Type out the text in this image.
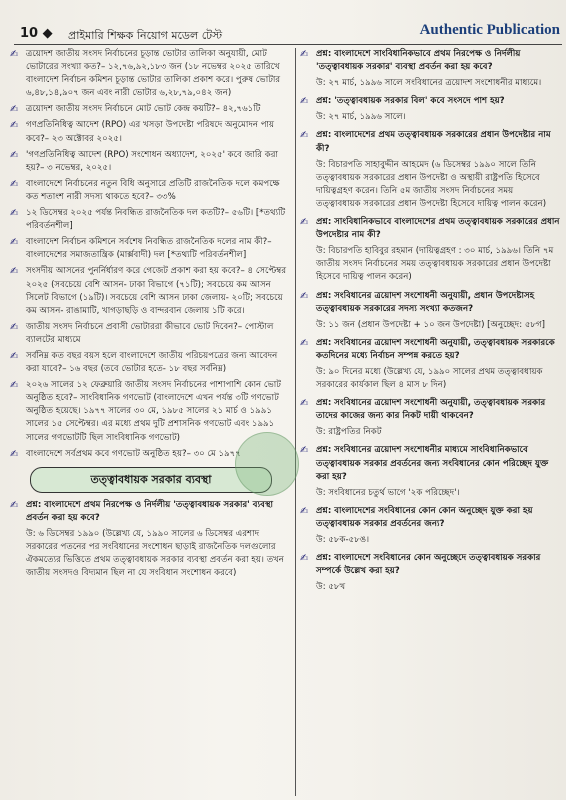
10 ◆ প্রাইমারি শিক্ষক নিয়োগ মডেল টেস্ট	Authentic Publication
✍ ত্রয়োদশ জাতীয় সংসদ নির্বাচনের চূড়ান্ত ভোটার তালিকা অনুযায়ী, মোট ভোটারের সংখ্যা কত?– ১২,৭৬,৯২,১৮৩ জন (১৮ নভেম্বর ২০২৫ তারিখে বাংলাদেশ নির্বাচন কমিশন চূড়ান্ত ভোটার তালিকা প্রকাশ করে। পুরুষ ভোটার ৬,৪৮,১৪,৯০৭ জন এবং নারী ভোটার ৬,২৮,৭৯,০৪২ জন)
✍ ত্রয়োদশ জাতীয় সংসদ নির্বাচনে মোট ভোট কেন্দ্র কয়টি?– ৪২,৭৬১টি
✍ গণপ্রতিনিধিত্ব আদেশ (RPO) এর খসড়া উপদেষ্টা পরিষদে অনুমোদন পায় কবে?– ২৩ অক্টোবর ২০২৫।
✍ 'গণপ্রতিনিধিত্ব আদেশ (RPO) সংশোধন অধ্যাদেশ, ২০২৫' কবে জারি করা হয়?– ৩ নভেম্বর, ২০২৫।
✍ বাংলাদেশে নির্বাচনের নতুন বিধি অনুসারে প্রতিটি রাজনৈতিক দলে কমপক্ষে কত শতাংশ নারী সদস্য থাকতে হবে?– ৩৩%
✍ ১২ ডিসেম্বর ২০২৫ পর্যন্ত নিবন্ধিত রাজনৈতিক দল কতটি?– ৫৬টি। [*তথ্যটি পরিবর্তনশীল]
✍ বাংলাদেশ নির্বাচন কমিশনে সর্বশেষ নিবন্ধিত রাজনৈতিক দলের নাম কী?– বাংলাদেশের সমাজতান্ত্রিক (মার্ক্সবাদী) দল [*তথ্যটি পরিবর্তনশীল]
✍ সংসদীয় আসনের পুনর্নির্ধারণ করে গেজেট প্রকাশ করা হয় কবে?– ৪ সেপ্টেম্বর ২০২৫ (সবচেয়ে বেশি আসন- ঢাকা বিভাগে (৭১টি); সবচেয়ে কম আসন সিলেট বিভাগে (১৯টি)। সবচেয়ে বেশি আসন ঢাকা জেলায়- ২০টি; সবচেয়ে কম আসন- রাঙামাটি, খাগড়াছড়ি ও বান্দরবান জেলায় ১টি করে।
✍ জাতীয় সংসদ নির্বাচনে প্রবাসী ভোটাররা কীভাবে ভোট দিবেন?– পোস্টাল ব্যালটের মাধ্যমে
✍ সর্বনিম্ন কত বছর বয়স হলে বাংলাদেশে জাতীয় পরিচয়পত্রের জন্য আবেদন করা যাবে?– ১৬ বছর (তবে ভোটার হতে- ১৮ বছর সর্বনিম্ন)
✍ ২০২৬ সালের ১২ ফেব্রুয়ারি জাতীয় সংসদ নির্বাচনের পাশাপাশি কোন ভোট অনুষ্ঠিত হবে?– সাংবিধানিক গণভোট (বাংলাদেশে এখন পর্যন্ত ৩টি গণভোট অনুষ্ঠিত হয়েছে। ১৯৭৭ সালের ৩০ মে, ১৯৮৫ সালের ২১ মার্চ ও ১৯৯১ সালের ১৫ সেপ্টেম্বর। এর মধ্যে প্রথম দুটি প্রশাসনিক গণভোট এবং ১৯৯১ সালের গণভোটটি ছিল সাংবিধানিক গণভোট)
✍ বাংলাদেশে সর্বপ্রথম কবে গণভোট অনুষ্ঠিত হয়?– ৩০ মে ১৯৭৭
তত্ত্বাবধায়ক সরকার ব্যবস্থা
✍ প্রশ্ন: বাংলাদেশে প্রথম নিরপেক্ষ ও নির্দলীয় 'তত্ত্বাবধায়ক সরকার' ব্যবস্থা প্রবর্তন করা হয় কবে?
উ: ৬ ডিসেম্বর ১৯৯০ (উল্লেখ্য যে, ১৯৯০ সালের ৬ ডিসেম্বর এরশাদ সরকারের পতনের পর সংবিধানের সংশোধন ছাড়াই রাজনৈতিক দলগুলোর ঐকমত্যের ভিত্তিতে প্রথম তত্ত্বাবধায়ক সরকার ব্যবস্থা প্রবর্তন করা হয়। তখন জাতীয় সংসদও বিদ্যমান ছিল না যে সংবিধান সংশোধন করবে)
✍ প্রশ্ন: বাংলাদেশে সাংবিধানিকভাবে প্রথম নিরপেক্ষ ও নির্দলীয় 'তত্ত্বাবধায়ক সরকার' ব্যবস্থা প্রবর্তন করা হয় কবে?
উ: ২৭ মার্চ, ১৯৯৬ সালে সংবিধানের ত্রয়োদশ সংশোধনীর মাধ্যমে।
✍ প্রশ্ন: 'তত্ত্বাবধায়ক সরকার বিল' কবে সংসদে পাশ হয়?
উ: ২৭ মার্চ, ১৯৯৬ সালে।
✍ প্রশ্ন: বাংলাদেশের প্রথম তত্ত্বাবধায়ক সরকারের প্রধান উপদেষ্টার নাম কী?
উ: বিচারপতি সাহাবুদ্দীন আহমেদ (৬ ডিসেম্বর ১৯৯০ সালে তিনি তত্ত্বাবধায়ক সরকারের প্রধান উপদেষ্টা ও অস্থায়ী রাষ্ট্রপতি হিসেবে দায়িত্বগ্রহণ করেন। তিনি ৫ম জাতীয় সংসদ নির্বাচনের সময় তত্ত্বাবধায়ক সরকারের প্রধান উপদেষ্টা হিসেবে দায়িত্ব পালন করেন)
✍ প্রশ্ন: সাংবিধানিকভাবে বাংলাদেশের প্রথম তত্ত্বাবধায়ক সরকারের প্রধান উপদেষ্টার নাম কী?
উ: বিচারপতি হাবিবুর রহমান (দায়িত্বগ্রহণ : ৩০ মার্চ, ১৯৯৬। তিনি ৭ম জাতীয় সংসদ নির্বাচনের সময় তত্ত্বাবধায়ক সরকারের প্রধান উপদেষ্টা হিসেবে দায়িত্ব পালন করেন)
✍ প্রশ্ন: সংবিধানের ত্রয়োদশ সংশোধনী অনুযায়ী, প্রধান উপদেষ্টাসহ তত্ত্বাবধায়ক সরকারের সদস্য সংখ্যা কতজন?
উ: ১১ জন (প্রধান উপদেষ্টা + ১০ জন উপদেষ্টা) [অনুচ্ছেদ: ৫৮গ]
✍ প্রশ্ন: সংবিধানের ত্রয়োদশ সংশোধনী অনুযায়ী, তত্ত্বাবধায়ক সরকারকে কতদিনের মধ্যে নির্বাচন সম্পন্ন করতে হয়?
উ: ৯০ দিনের মধ্যে (উল্লেখ্য যে, ১৯৯০ সালের প্রথম তত্ত্বাবধায়ক সরকারের কার্যকাল ছিল ৪ মাস ৮ দিন)
✍ প্রশ্ন: সংবিধানের ত্রয়োদশ সংশোধনী অনুযায়ী, তত্ত্বাবধায়ক সরকার তাদের কাজের জন্য কার নিকট দায়ী থাকবেন?
উ: রাষ্ট্রপতির নিকট
✍ প্রশ্ন: সংবিধানের ত্রয়োদশ সংশোধনীর মাধ্যমে সাংবিধানিকভাবে তত্ত্বাবধায়ক সরকার প্রবর্তনের জন্য সংবিধানের কোন পরিচ্ছেদ যুক্ত করা হয়?
উ: সংবিধানের চতুর্থ ভাগে '২ক পরিচ্ছেদ'।
✍ প্রশ্ন: বাংলাদেশের সংবিধানের কোন কোন অনুচ্ছেদ যুক্ত করা হয় তত্ত্বাবধায়ক সরকার প্রবর্তনের জন্য?
উ: ৫৮ক-৫৮ঙ।
✍ প্রশ্ন: বাংলাদেশে সংবিধানের কোন অনুচ্ছেদে তত্ত্বাবধায়ক সরকার সম্পর্কে উল্লেখ করা হয়?
উ: ৫৮খ
